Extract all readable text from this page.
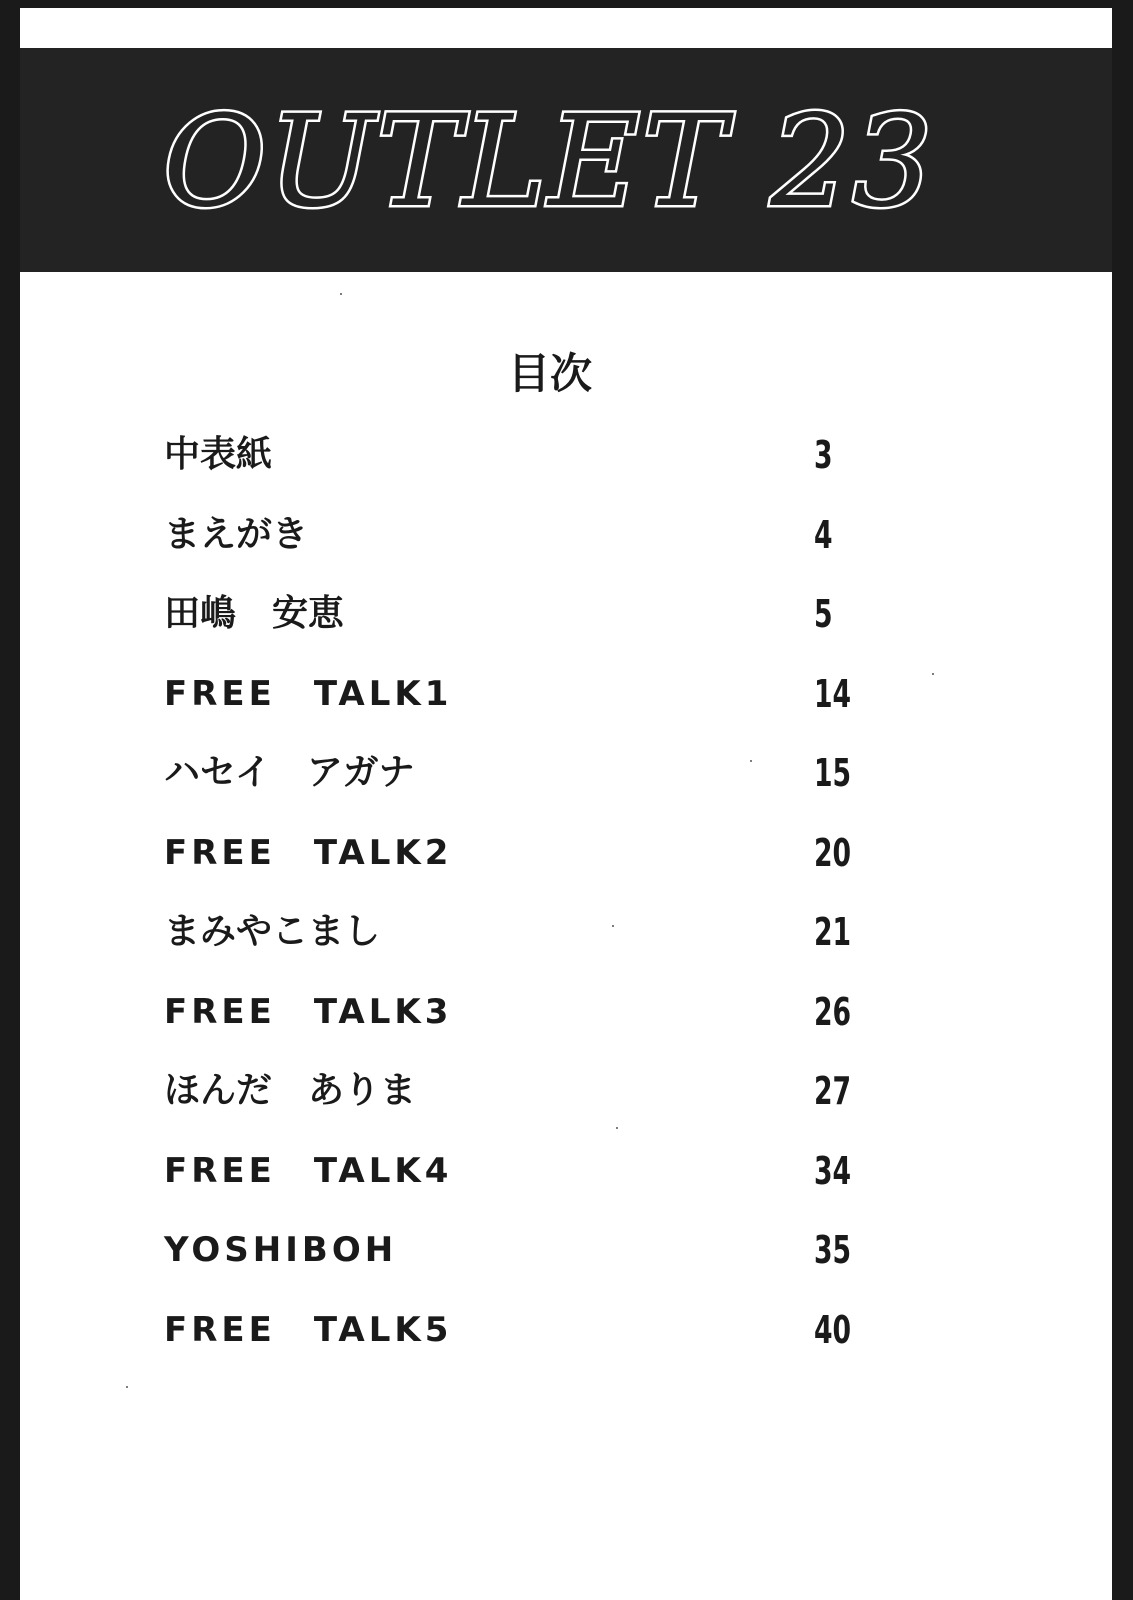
OUTLET 23
目次
中表紙	3
まえがき	4
田嶋　安恵	5
FREE　TALK1	14
ハセイ　アガナ	15
FREE　TALK2	20
まみやこまし	21
FREE　TALK3	26
ほんだ　ありま	27
FREE　TALK4	34
YOSHIBOH	35
FREE　TALK5	40
